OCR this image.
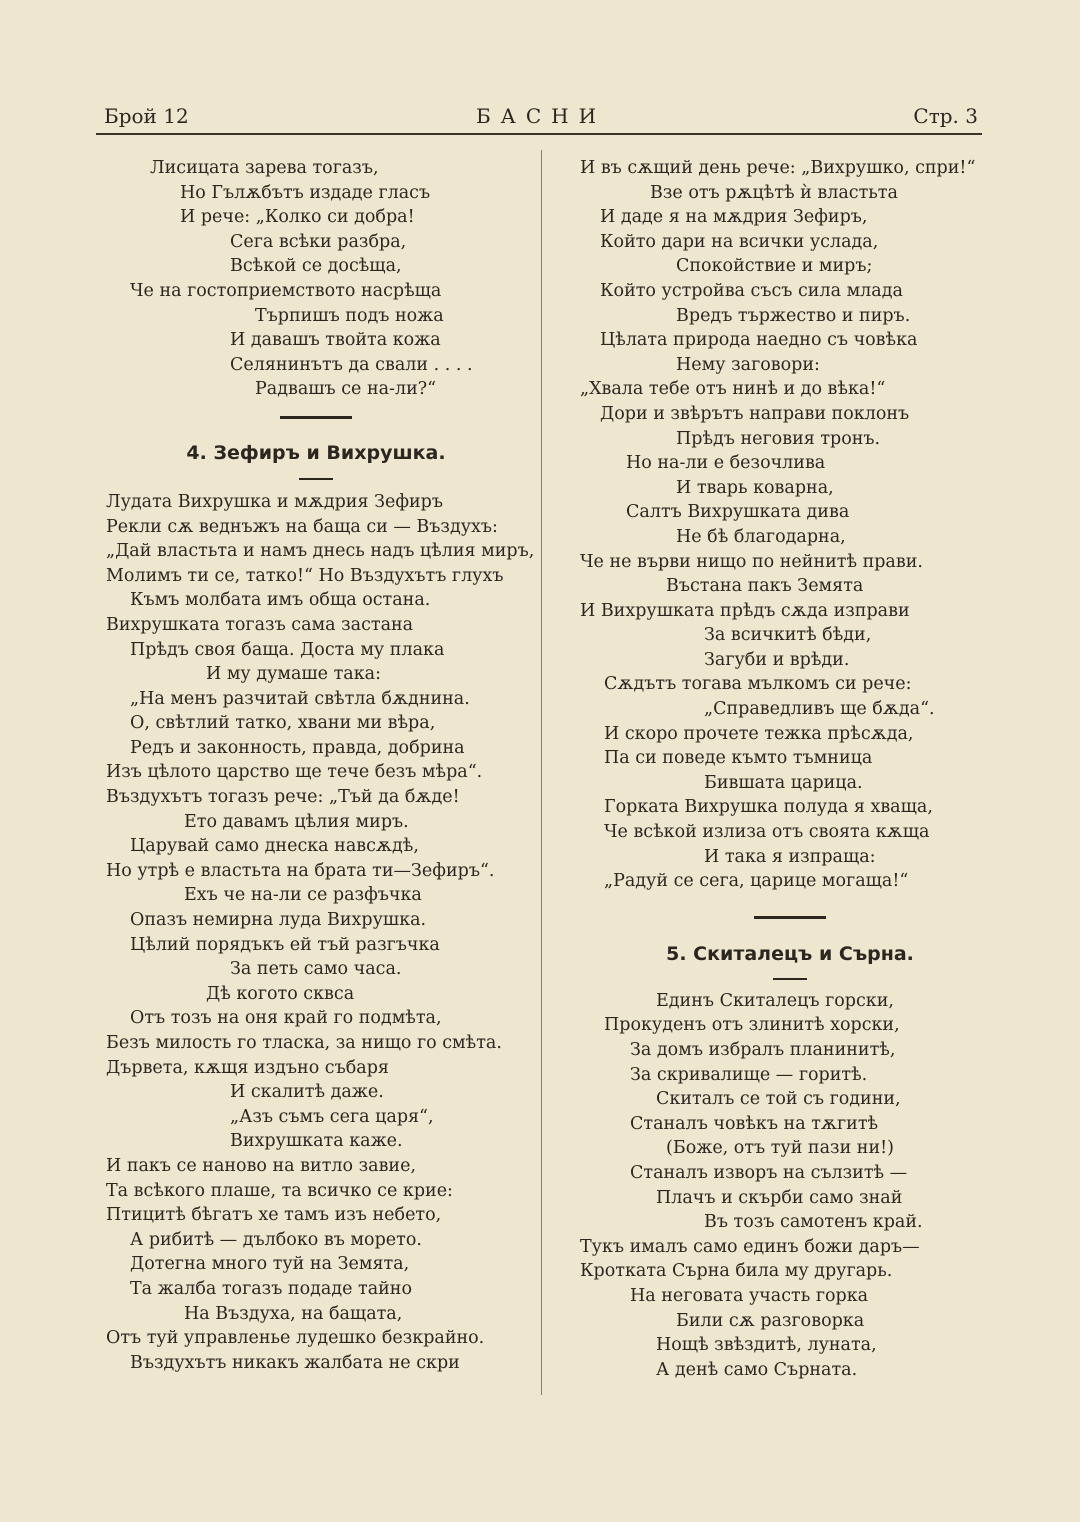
Брой 12	БАСНИ	Стр. 3
Лисицата зарева тогазъ,
Но Гълѫбътъ издаде гласъ
И рече: „Колко си добра!
Сега всѣки разбра,
Всѣкой се досѣща,
Че на гостоприемството насрѣща
Търпишъ подъ ножа
И давашъ твойта кожа
Селянинътъ да свали . . . .
Радвашъ се на-ли?“
4. Зефиръ и Вихрушка.
Лудата Вихрушка и мѫдрия Зефиръ
Рекли сѫ веднъжъ на баща си — Въздухъ:
„Дай властьта и намъ днесь надъ цѣлия миръ,
Молимъ ти се, татко!“ Но Въздухътъ глухъ
Къмъ молбата имъ обща остана.
Вихрушката тогазъ сама застана
Прѣдъ своя баща. Доста му плака
И му думаше така:
„На менъ разчитай свѣтла бѫднина.
О, свѣтлий татко, хвани ми вѣра,
Редъ и законность, правда, добрина
Изъ цѣлото царство ще тече безъ мѣра“.
Въздухътъ тогазъ рече: „Тъй да бѫде!
Ето давамъ цѣлия миръ.
Царувай само днеска навсѫдѣ,
Но утрѣ е властьта на брата ти—Зефиръ“.
Ехъ че на-ли се разфъчка
Опазъ немирна луда Вихрушка.
Цѣлий порядъкъ ей тъй разгъчка
За петь само часа.
Дѣ когото сквса
Отъ тозъ на оня край го подмѣта,
Безъ милость го тласка, за нищо го смѣта.
Дървета, кѫщя издъно събаря
И скалитѣ даже.
„Азъ съмъ сега царя“,
Вихрушката каже.
И пакъ се наново на витло завие,
Та всѣкого плаше, та всичко се крие:
Птицитѣ бѣгатъ хе тамъ изъ небето,
А рибитѣ — дълбоко въ морето.
Дотегна много туй на Земята,
Та жалба тогазъ подаде тайно
На Въздуха, на бащата,
Отъ туй управленье лудешко безкрайно.
Въздухътъ никакъ жалбата не скри
И въ сѫщий день рече: „Вихрушко, спри!“
Взе отъ рѫцѣтѣ ѝ властьта
И даде я на мѫдрия Зефиръ,
Който дари на всички услада,
Спокойствие и миръ;
Който устройва съсъ сила млада
Вредъ тържество и пиръ.
Цѣлата природа наедно съ човѣка
Нему заговори:
„Хвала тебе отъ нинѣ и до вѣка!“
Дори и звѣрътъ направи поклонъ
Прѣдъ неговия тронъ.
Но на-ли е безочлива
И тварь коварна,
Салтъ Вихрушката дива
Не бѣ благодарна,
Че не върви нищо по нейнитѣ прави.
Въстана пакъ Земята
И Вихрушката прѣдъ сѫда изправи
За всичкитѣ бѣди,
Загуби и врѣди.
Сѫдътъ тогава мълкомъ си рече:
„Справедливъ ще бѫда“.
И скоро прочете тежка прѣсѫда,
Па си поведе къмто тъмница
Бившата царица.
Горката Вихрушка полуда я хваща,
Че всѣкой излиза отъ своята кѫща
И така я изпраща:
„Радуй се сега, царице могаща!“
5. Скиталецъ и Сърна.
Единъ Скиталецъ горски,
Прокуденъ отъ злинитѣ хорски,
За домъ избралъ планинитѣ,
За скривалище — горитѣ.
Скиталъ се той съ години,
Станалъ човѣкъ на тѫгитѣ
(Боже, отъ туй пази ни!)
Станалъ изворъ на сълзитѣ —
Плачъ и скърби само знай
Въ тозъ самотенъ край.
Тукъ ималъ само единъ божи даръ—
Кротката Сърна била му другарь.
На неговата участь горка
Били сѫ разговорка
Нощѣ звѣздитѣ, луната,
А денѣ само Сърната.
